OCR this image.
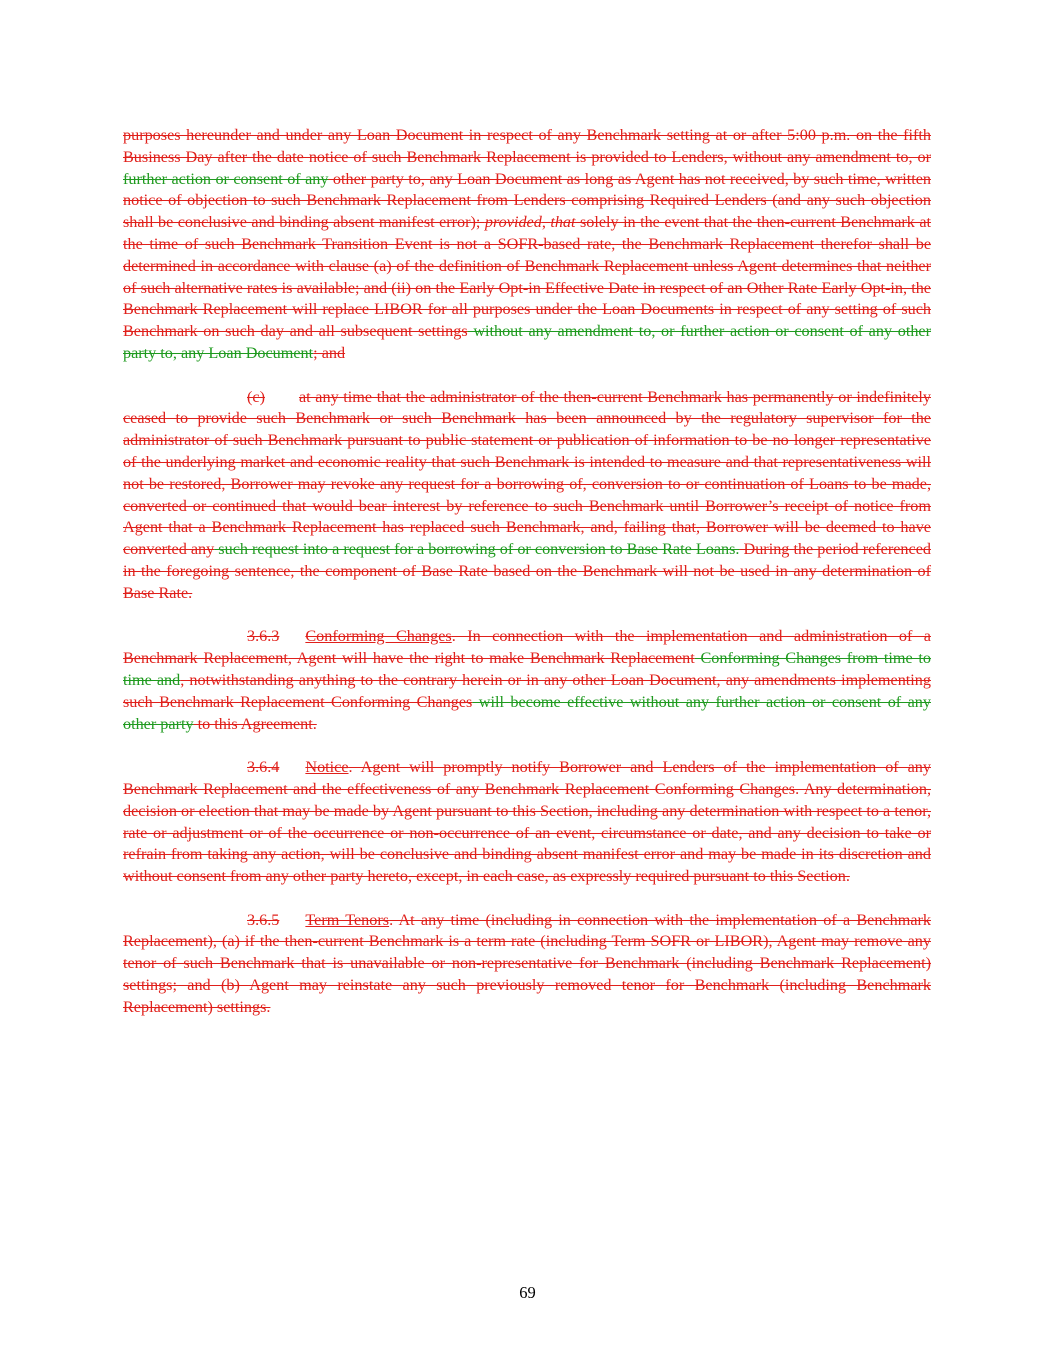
purposes hereunder and under any Loan Document in respect of any Benchmark setting at or after 5:00 p.m. on the fifth Business Day after the date notice of such Benchmark Replacement is provided to Lenders, without any amendment to, or further action or consent of any other party to, any Loan Document as long as Agent has not received, by such time, written notice of objection to such Benchmark Replacement from Lenders comprising Required Lenders (and any such objection shall be conclusive and binding absent manifest error); provided, that solely in the event that the then-current Benchmark at the time of such Benchmark Transition Event is not a SOFR-based rate, the Benchmark Replacement therefor shall be determined in accordance with clause (a) of the definition of Benchmark Replacement unless Agent determines that neither of such alternative rates is available; and (ii) on the Early Opt-in Effective Date in respect of an Other Rate Early Opt-in, the Benchmark Replacement will replace LIBOR for all purposes under the Loan Documents in respect of any setting of such Benchmark on such day and all subsequent settings without any amendment to, or further action or consent of any other party to, any Loan Document; and

(c) at any time that the administrator of the then-current Benchmark has permanently or indefinitely ceased to provide such Benchmark or such Benchmark has been announced by the regulatory supervisor for the administrator of such Benchmark pursuant to public statement or publication of information to be no longer representative of the underlying market and economic reality that such Benchmark is intended to measure and that representativeness will not be restored, Borrower may revoke any request for a borrowing of, conversion to or continuation of Loans to be made, converted or continued that would bear interest by reference to such Benchmark until Borrower’s receipt of notice from Agent that a Benchmark Replacement has replaced such Benchmark, and, failing that, Borrower will be deemed to have converted any such request into a request for a borrowing of or conversion to Base Rate Loans. During the period referenced in the foregoing sentence, the component of Base Rate based on the Benchmark will not be used in any determination of Base Rate.

3.6.3 Conforming Changes. In connection with the implementation and administration of a Benchmark Replacement, Agent will have the right to make Benchmark Replacement Conforming Changes from time to time and, notwithstanding anything to the contrary herein or in any other Loan Document, any amendments implementing such Benchmark Replacement Conforming Changes will become effective without any further action or consent of any other party to this Agreement.

3.6.4 Notice. Agent will promptly notify Borrower and Lenders of the implementation of any Benchmark Replacement and the effectiveness of any Benchmark Replacement Conforming Changes. Any determination, decision or election that may be made by Agent pursuant to this Section, including any determination with respect to a tenor, rate or adjustment or of the occurrence or non-occurrence of an event, circumstance or date, and any decision to take or refrain from taking any action, will be conclusive and binding absent manifest error and may be made in its discretion and without consent from any other party hereto, except, in each case, as expressly required pursuant to this Section.

3.6.5 Term Tenors. At any time (including in connection with the implementation of a Benchmark Replacement), (a) if the then-current Benchmark is a term rate (including Term SOFR or LIBOR), Agent may remove any tenor of such Benchmark that is unavailable or non-representative for Benchmark (including Benchmark Replacement) settings; and (b) Agent may reinstate any such previously removed tenor for Benchmark (including Benchmark Replacement) settings.

69
